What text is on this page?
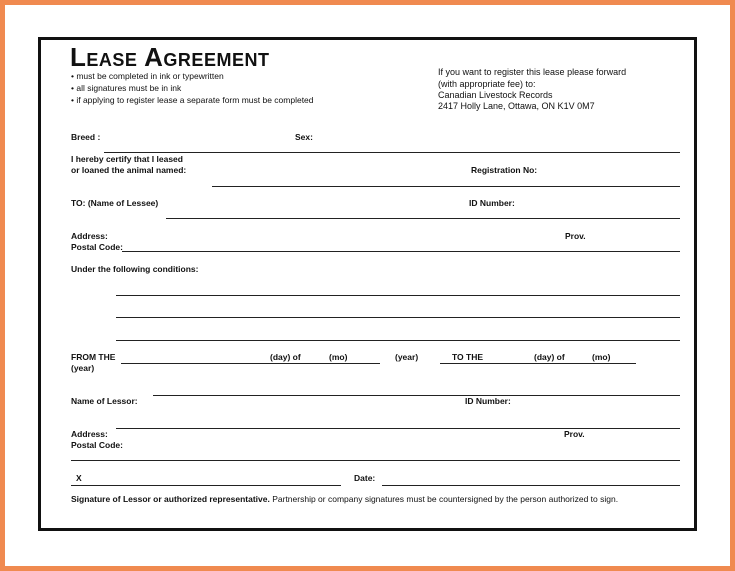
Lease Agreement
• must be completed in ink or typewritten
• all signatures must be in ink
• if applying to register lease a separate form must be completed
If you want to register this lease please forward
(with appropriate fee) to:
Canadian Livestock Records
2417 Holly Lane, Ottawa, ON K1V 0M7
Breed :	Sex:
I hereby certify that I leased
or loaned the animal named:	Registration No:
TO: (Name of Lessee)	ID Number:
Address:	Prov.
Postal Code:
Under the following conditions:
FROM THE	(day) of	(mo)	(year)	TO THE	(day) of	(mo)
(year)
Name of Lessor:	ID Number:
Address:	Prov.
Postal Code:
X	Date:
Signature of Lessor or authorized representative. Partnership or company signatures must be countersigned by the person authorized to sign.
